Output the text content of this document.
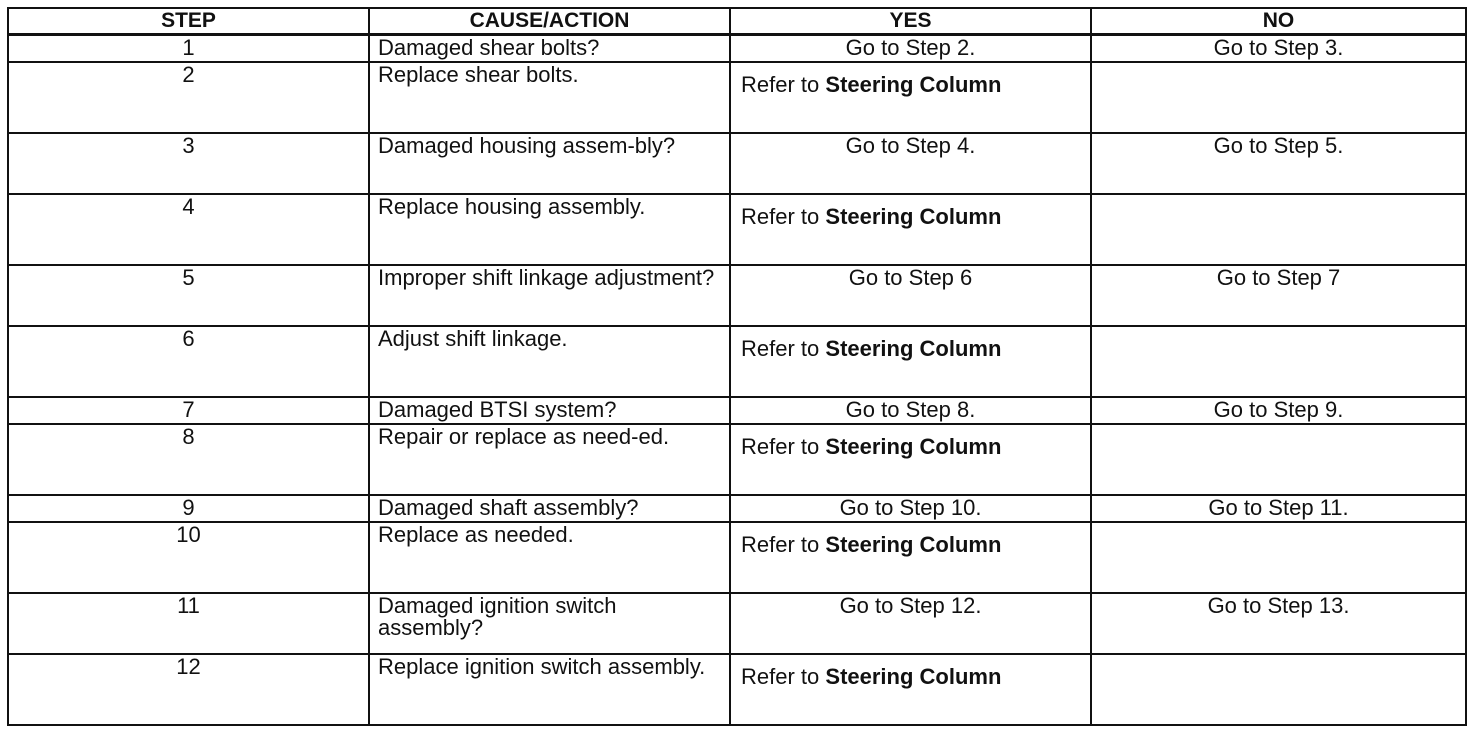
STEP	CAUSE/ACTION	YES	NO
1	Damaged shear bolts?	Go to Step 2.	Go to Step 3.
2	Replace shear bolts.	Refer to Steering Column	
3	Damaged housing assem-bly?	Go to Step 4.	Go to Step 5.
4	Replace housing assembly.	Refer to Steering Column	
5	Improper shift linkage adjustment?	Go to Step 6	Go to Step 7
6	Adjust shift linkage.	Refer to Steering Column	
7	Damaged BTSI system?	Go to Step 8.	Go to Step 9.
8	Repair or replace as need-ed.	Refer to Steering Column	
9	Damaged shaft assembly?	Go to Step 10.	Go to Step 11.
10	Replace as needed.	Refer to Steering Column	
11	Damaged ignition switch assembly?	Go to Step 12.	Go to Step 13.
12	Replace ignition switch assembly.	Refer to Steering Column	
